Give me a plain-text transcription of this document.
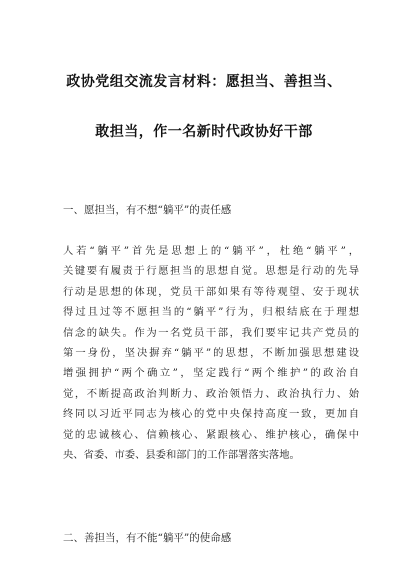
政协党组交流发言材料：愿担当、善担当、
敢担当，作一名新时代政协好干部
一、愿担当，有不想“躺平”的责任感
人若“躺平”首先是思想上的“躺平”，杜绝“躺平”，
关键要有履责于行愿担当的思想自觉。思想是行动的先导
行动是思想的体现，党员干部如果有等待观望、安于现状
得过且过等不愿担当的“躺平”行为，归根结底在于理想
信念的缺失。作为一名党员干部，我们要牢记共产党员的
第一身份，坚决摒弃“躺平”的思想，不断加强思想建设
增强拥护“两个确立”，坚定践行“两个维护”的政治自
觉，不断提高政治判断力、政治领悟力、政治执行力、始
终同以习近平同志为核心的党中央保持高度一致，更加自
觉的忠诚核心、信赖核心、紧跟核心、维护核心，确保中
央、省委、市委、县委和部门的工作部署落实落地。
二、善担当，有不能“躺平”的使命感
